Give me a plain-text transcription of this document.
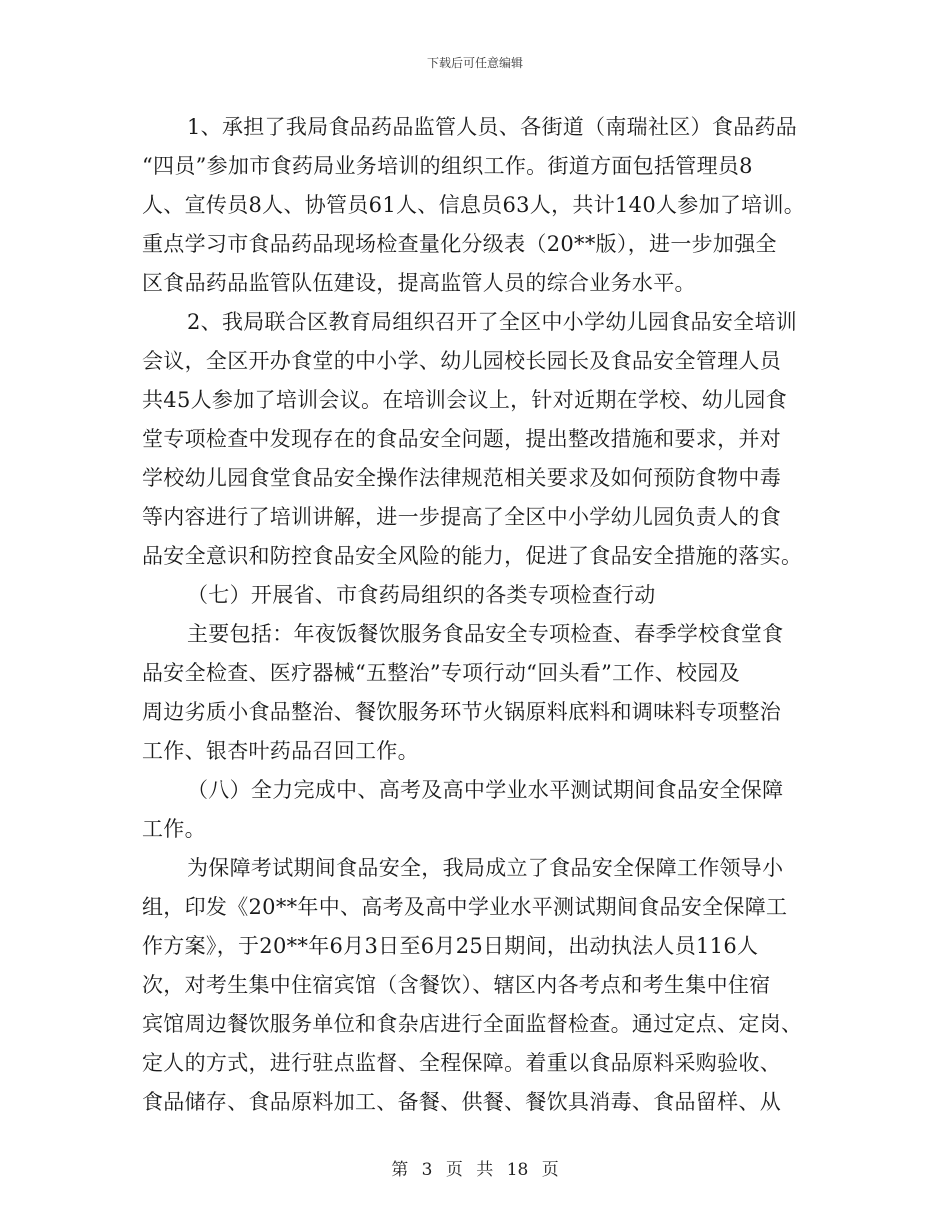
下载后可任意编辑
1、承担了我局食品药品监管人员、各街道（南瑞社区）食品药品
“四员”参加市食药局业务培训的组织工作。街道方面包括管理员8
人、宣传员8人、协管员61人、信息员63人，共计140人参加了培训。
重点学习市食品药品现场检查量化分级表（20**版），进一步加强全
区食品药品监管队伍建设，提高监管人员的综合业务水平。
2、我局联合区教育局组织召开了全区中小学幼儿园食品安全培训
会议，全区开办食堂的中小学、幼儿园校长园长及食品安全管理人员
共45人参加了培训会议。在培训会议上，针对近期在学校、幼儿园食
堂专项检查中发现存在的食品安全问题，提出整改措施和要求，并对
学校幼儿园食堂食品安全操作法律规范相关要求及如何预防食物中毒
等内容进行了培训讲解，进一步提高了全区中小学幼儿园负责人的食
品安全意识和防控食品安全风险的能力，促进了食品安全措施的落实。
（七）开展省、市食药局组织的各类专项检查行动
主要包括：年夜饭餐饮服务食品安全专项检查、春季学校食堂食
品安全检查、医疗器械“五整治”专项行动“回头看”工作、校园及
周边劣质小食品整治、餐饮服务环节火锅原料底料和调味料专项整治
工作、银杏叶药品召回工作。
（八）全力完成中、高考及高中学业水平测试期间食品安全保障
工作。
为保障考试期间食品安全，我局成立了食品安全保障工作领导小
组，印发《20**年中、高考及高中学业水平测试期间食品安全保障工
作方案》，于20**年6月3日至6月25日期间，出动执法人员116人
次，对考生集中住宿宾馆（含餐饮）、辖区内各考点和考生集中住宿
宾馆周边餐饮服务单位和食杂店进行全面监督检查。通过定点、定岗、
定人的方式，进行驻点监督、全程保障。着重以食品原料采购验收、
食品储存、食品原料加工、备餐、供餐、餐饮具消毒、食品留样、从
第 3 页 共 18 页
